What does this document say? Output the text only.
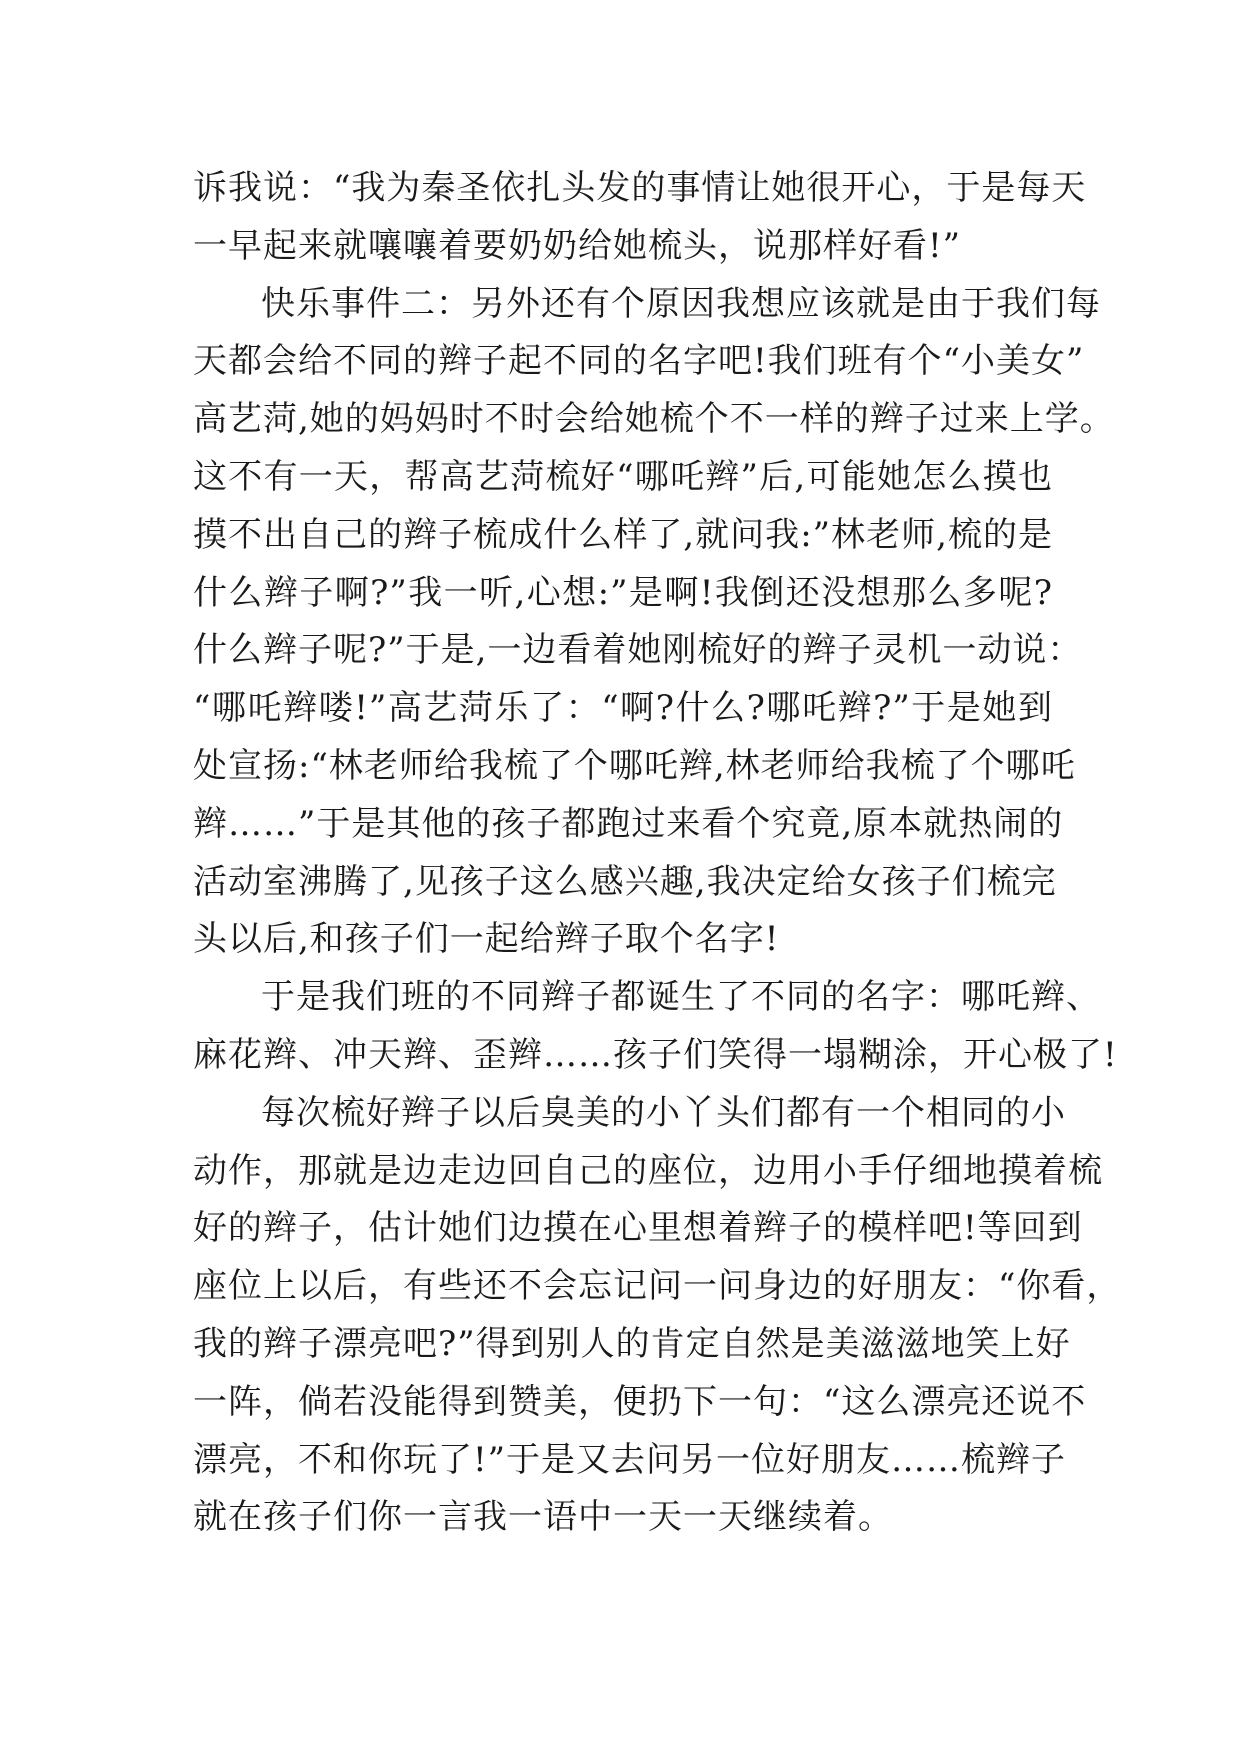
诉我说：“我为秦圣依扎头发的事情让她很开心，于是每天
一早起来就嚷嚷着要奶奶给她梳头，说那样好看!”
快乐事件二：另外还有个原因我想应该就是由于我们每
天都会给不同的辫子起不同的名字吧!我们班有个“小美女”
高艺菏,她的妈妈时不时会给她梳个不一样的辫子过来上学。
这不有一天，帮高艺菏梳好“哪吒辫”后,可能她怎么摸也
摸不出自己的辫子梳成什么样了,就问我:”林老师,梳的是
什么辫子啊?”我一听,心想:”是啊!我倒还没想那么多呢?
什么辫子呢?”于是,一边看着她刚梳好的辫子灵机一动说：
“哪吒辫喽!”高艺菏乐了：“啊?什么?哪吒辫?”于是她到
处宣扬:“林老师给我梳了个哪吒辫,林老师给我梳了个哪吒
辫……”于是其他的孩子都跑过来看个究竟,原本就热闹的
活动室沸腾了,见孩子这么感兴趣,我决定给女孩子们梳完
头以后,和孩子们一起给辫子取个名字!
于是我们班的不同辫子都诞生了不同的名字：哪吒辫、
麻花辫、冲天辫、歪辫……孩子们笑得一塌糊涂，开心极了!
每次梳好辫子以后臭美的小丫头们都有一个相同的小
动作，那就是边走边回自己的座位，边用小手仔细地摸着梳
好的辫子，估计她们边摸在心里想着辫子的模样吧!等回到
座位上以后，有些还不会忘记问一问身边的好朋友：“你看，
我的辫子漂亮吧?”得到别人的肯定自然是美滋滋地笑上好
一阵，倘若没能得到赞美，便扔下一句：“这么漂亮还说不
漂亮，不和你玩了!”于是又去问另一位好朋友……梳辫子
就在孩子们你一言我一语中一天一天继续着。
